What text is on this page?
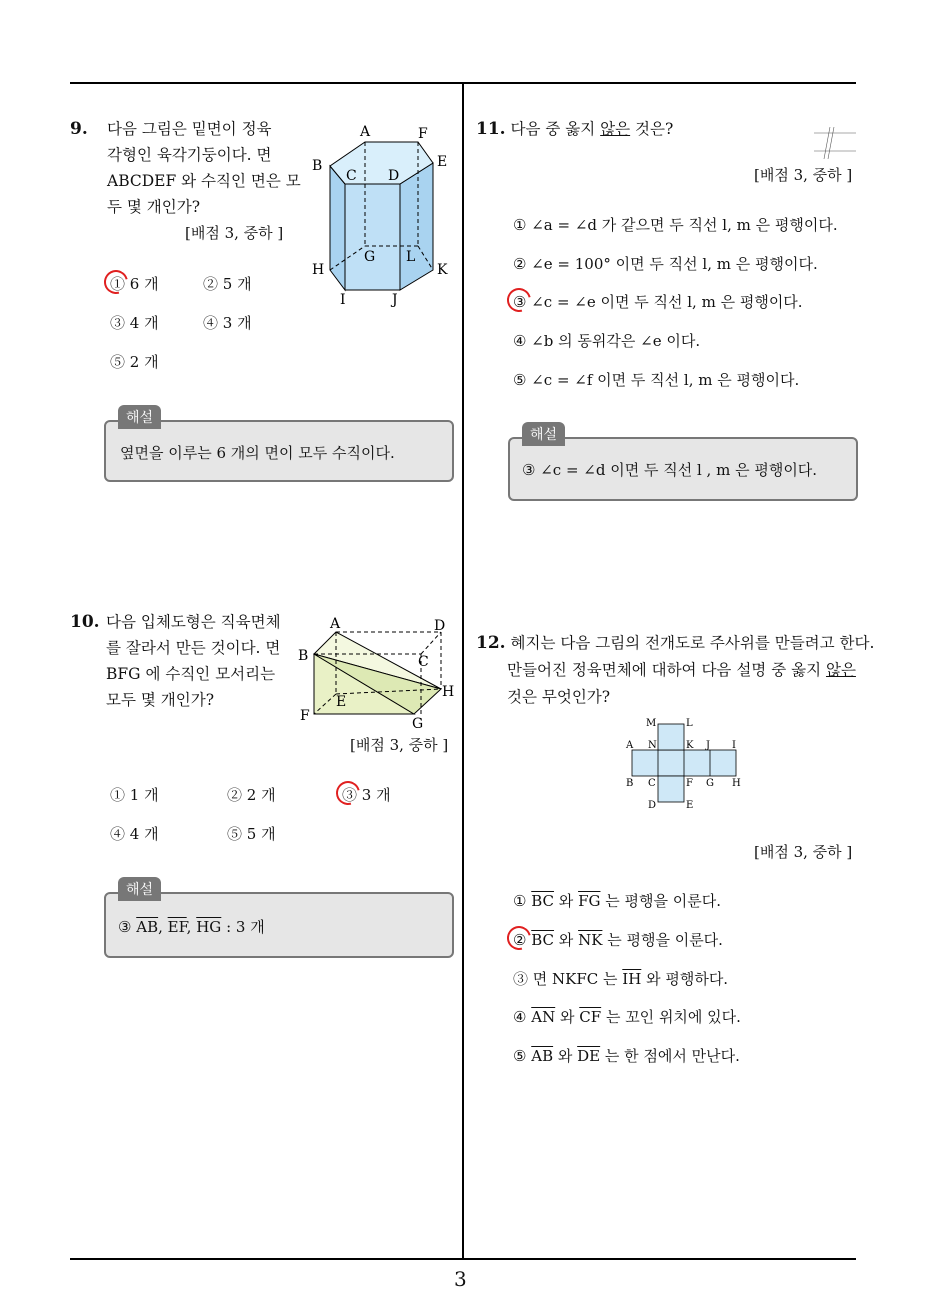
3
9. 다음 그림은 밑면이 정육
각형인 육각기둥이다. 면
ABCDEF 와 수직인 면은 모
두 몇 개인가?
[배점 3, 중하 ]
A	F
B	E
C D
G L
H	K
I	J
① 6 개	② 5 개
③ 4 개	④ 3 개
⑤ 2 개
해설
옆면을 이루는 6 개의 면이 모두 수직이다.
10. 다음 입체도형은 직육면체
를 잘라서 만든 것이다. 면
BFG 에 수직인 모서리는
모두 몇 개인가?
A	D
B	C
H
E
F	G
[배점 3, 중하 ]
① 1 개	② 2 개	③ 3 개
④ 4 개	⑤ 5 개
해설
③ $\overline{AB}$, $\overline{EF}$, $\overline{HG}$ : 3 개
11. 다음 중 옳지 않은 것은?
[배점 3, 중하 ]
① ∠a = ∠d 가 같으면 두 직선 l, m 은 평행이다.
② ∠e = 100° 이면 두 직선 l, m 은 평행이다.
③ ∠c = ∠e 이면 두 직선 l, m 은 평행이다.
④ ∠b 의 동위각은 ∠e 이다.
⑤ ∠c = ∠f 이면 두 직선 l, m 은 평행이다.
해설
③ ∠c = ∠d 이면 두 직선 l , m 은 평행이다.
12. 혜지는 다음 그림의 전개도로 주사위를 만들려고 한다.
만들어진 정육면체에 대하여 다음 설명 중 옳지 않은
것은 무엇인가?
M	L
A N	K J I
B C	F G H
D	E
[배점 3, 중하 ]
① $\overline{BC}$ 와 $\overline{FG}$ 는 평행을 이룬다.
② $\overline{BC}$ 와 $\overline{NK}$ 는 평행을 이룬다.
③ 면 NKFC 는 $\overline{IH}$ 와 평행하다.
④ $\overline{AN}$ 와 $\overline{CF}$ 는 꼬인 위치에 있다.
⑤ $\overline{AB}$ 와 $\overline{DE}$ 는 한 점에서 만난다.
